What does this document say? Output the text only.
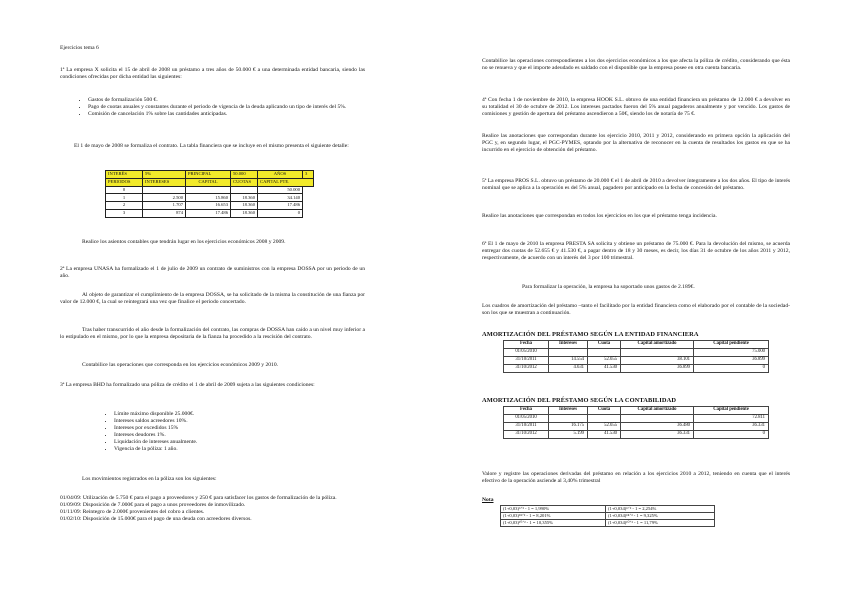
Ejercicios tema 6
1ª La empresa X solicita el 15 de abril de 2008 un préstamo a tres años de 50.000 € a una determinada entidad bancaria, siendo las condiciones ofrecidas por dicha entidad las siguientes:
• Gastos de formalización 500 €.
• Pago de cuotas anuales y constantes durante el periodo de vigencia de la deuda aplicando un tipo de interés del 5%.
• Comisión de cancelación 1% sobre las cantidades anticipadas.

El 1 de mayo de 2008 se formaliza el contrato. La tabla financiera que se incluye en el mismo presenta el siguiente detalle:

INTERÉS	5%	PRINCIPAL	50.000	AÑOS	3
PERIODOS	INTERESES	CAPITAL	CUOTAS	CAPITAL PTE.	
0				50.000	
1	2.500	15.860	18.360	34.140	
2	1.707	16.653	18.360	17.486	
3	874	17.486	18.360	0	

Realice los asientos contables que tendrán lugar en los ejercicios económicos 2008 y 2009.

2ª La empresa UNASA ha formalizado el 1 de julio de 2009 un contrato de suministros con la empresa DOSSA por un periodo de un año.

Al objeto de garantizar el cumplimiento de la empresa DOSSA, se ha solicitado de la misma la constitución de una fianza por valor de 12.000 €, la cual se reintegrará una vez que finalice el periodo concertado.

Tras haber transcurrido el año desde la formalización del contrato, las compras de DOSSA han caído a un nivel muy inferior a lo estipulado en el mismo, por lo que la empresa depositaria de la fianza ha procedido a la rescisión del contrato.

Contabilice las operaciones que corresponda en los ejercicios económicos 2009 y 2010.

3ª La empresa BHD ha formalizado una póliza de crédito el 1 de abril de 2009 sujeta a las siguientes condiciones:

• Límite máximo disponible 25.000€.
• Intereses saldos acreedores 10%.
• Intereses por excedidos 15%
• Intereses deudores 1%.
• Liquidación de intereses anualmente.
• Vigencia de la póliza: 1 año.

Los movimientos registrados en la póliza son los siguientes:

01/04/09: Utilización de 5.750 € para el pago a proveedores y 250 € para satisfacer los gastos de formalización de la póliza.

01/09/09: Disposición de 7.000€ para el pago a unos proveedores de inmovilizado.

01/11/09: Reintegro de 2.000€ provenientes del cobro a clientes.

01/02/10: Disposición de 15.000€ para el pago de una deuda con acreedores diversos.

Contabilice las operaciones correspondientes a los dos ejercicios económicos a los que afecta la póliza de crédito, considerando que ésta no se renueva y que el importe adeudado es saldado con el disponible que la empresa posee en otra cuenta bancaria.

4ª Con fecha 1 de noviembre de 2010, la empresa HOOK S.L. obtuvo de una entidad financiera un préstamo de 12.000 € a devolver en su totalidad el 30 de octubre de 2012. Los intereses pactados fueron del 5% anual pagaderos anualmente y por vencido. Los gastos de comisiones y gestión de apertura del préstamo ascendieron a 50€, siendo los de notaría de 75 €.

Realice las anotaciones que correspondan durante los ejercicio 2010, 2011 y 2012, considerando en primera opción la aplicación del PGC y, en segundo lugar, el PGC-PYMES, optando por la alternativa de reconocer en la cuenta de resultados los gastos en que se ha incurrido en el ejercicio de obtención del préstamo.

5ª La empresa PROS S.L. obtuvo un préstamo de 20.000 € el 1 de abril de 2010 a devolver íntegramente a los dos años. El tipo de interés nominal que se aplica a la operación es del 5% anual, pagadero por anticipado en la fecha de concesión del préstamo.

Realice las anotaciones que correspondan en todos los ejercicios en los que el préstamo tenga incidencia.

6ª El 1 de mayo de 2010 la empresa PRESTA SA solicita y obtiene un préstamo de 75.000 €. Para la devolución del mismo, se acuerda entregar dos cuotas de 52.655 € y 41.530 €, a pagar dentro de 18 y 30 meses, es decir, los días 31 de octubre de los años 2011 y 2012, respectivamente, de acuerdo con un interés del 3 por 100 trimestral.

Para formalizar la operación, la empresa ha soportado unos gastos de 2.189€.

Los cuadros de amortización del préstamo –tanto el facilitado por la entidad financiera como el elaborado por el contable de la sociedad- son los que se muestran a continuación.

AMORTIZACIÓN DEL PRÉSTAMO SEGÚN LA ENTIDAD FINANCIERA
Fecha	Intereses	Cuota	Capital amortizado	Capital pendiente
01/05/2010				75.000
31/10/2011	14.554	52.655	38.101	36.899
31/10/2012	4.631	41.530	36.899	0
AMORTIZACIÓN DEL PRÉSTAMO SEGÚN LA CONTABILIDAD
Fecha	Intereses	Cuota	Capital amortizado	Capital pendiente
01/05/2010				72.811
31/10/2011	16.175	52.655	36.480	36.331
31/10/2012	5.199	41.530	36.331	0

Valore y registre las operaciones derivadas del préstamo en relación a los ejercicios 2010 a 2012, teniendo en cuenta que el interés efectivo de la operación asciende al 3,40% trimestral

Nota
(1+0,03)⁶ᐟ³ - 1 = 1,990%	(1+0,034)⁶ᐟ³ - 1 = 2,254%
(1+0,03)¹⁸ᐟ³ - 1 = 8,201%	(1+0,034)¹⁸ᐟ³ - 1 = 9,325%
(1+0,03)¹⁰ᐟ³ - 1 = 10,355%	(1+0,034)¹⁰ᐟ³ - 1 = 11,79%
